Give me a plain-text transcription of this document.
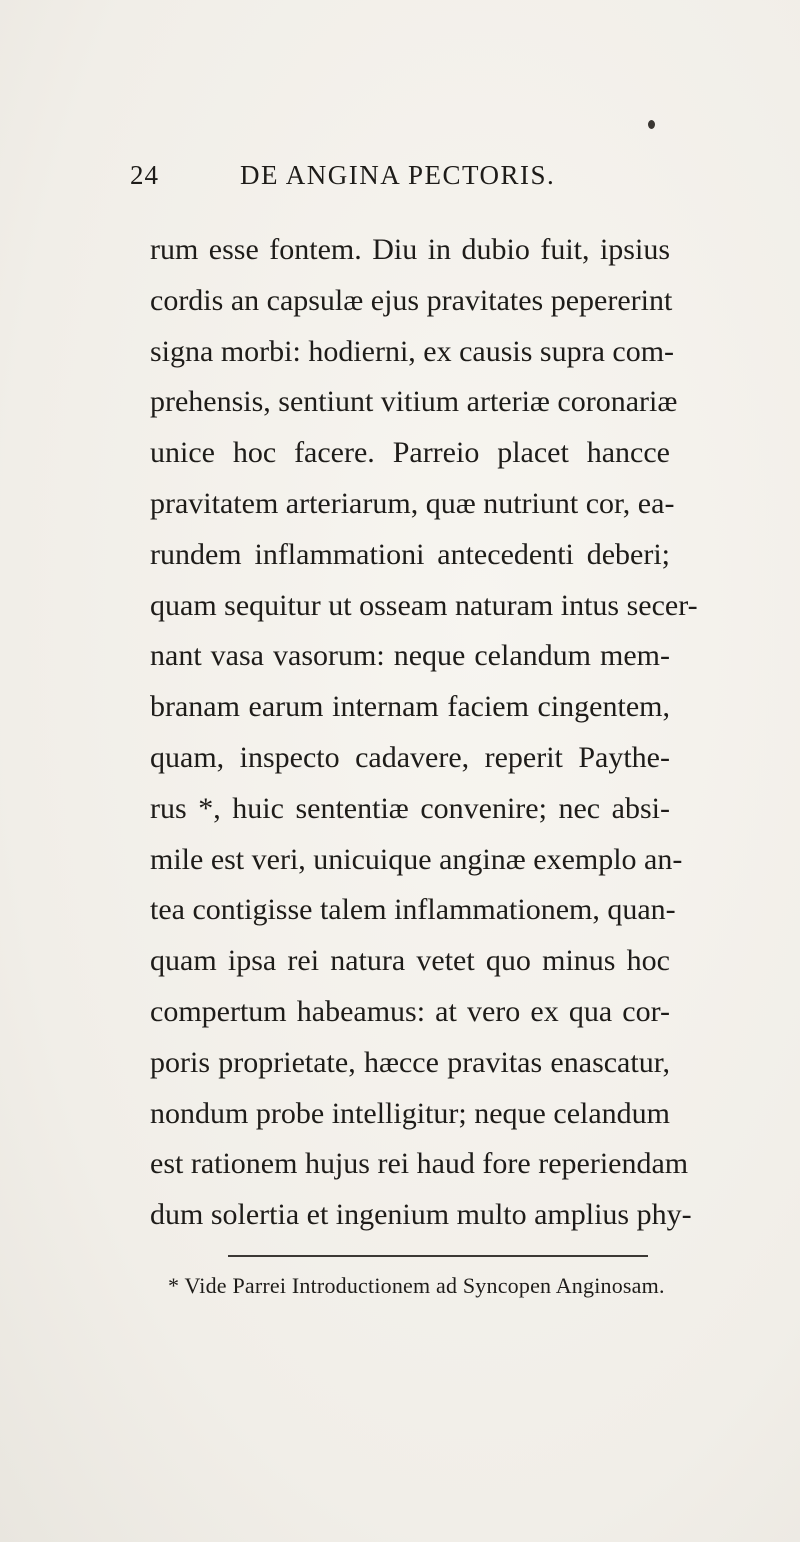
24	DE ANGINA PECTORIS.
rum esse fontem. Diu in dubio fuit, ipsius
cordis an capsulæ ejus pravitates pepererint
signa morbi: hodierni, ex causis supra com-
prehensis, sentiunt vitium arteriæ coronariæ
unice hoc facere. Parreio placet hancce
pravitatem arteriarum, quæ nutriunt cor, ea-
rundem inflammationi antecedenti deberi;
quam sequitur ut osseam naturam intus secer-
nant vasa vasorum: neque celandum mem-
branam earum internam faciem cingentem,
quam, inspecto cadavere, reperit Paythe-
rus *, huic sententiæ convenire; nec absi-
mile est veri, unicuique anginæ exemplo an-
tea contigisse talem inflammationem, quan-
quam ipsa rei natura vetet quo minus hoc
compertum habeamus: at vero ex qua cor-
poris proprietate, hæcce pravitas enascatur,
nondum probe intelligitur; neque celandum
est rationem hujus rei haud fore reperiendam
dum solertia et ingenium multo amplius phy-
* Vide Parrei Introductionem ad Syncopen Anginosam.
